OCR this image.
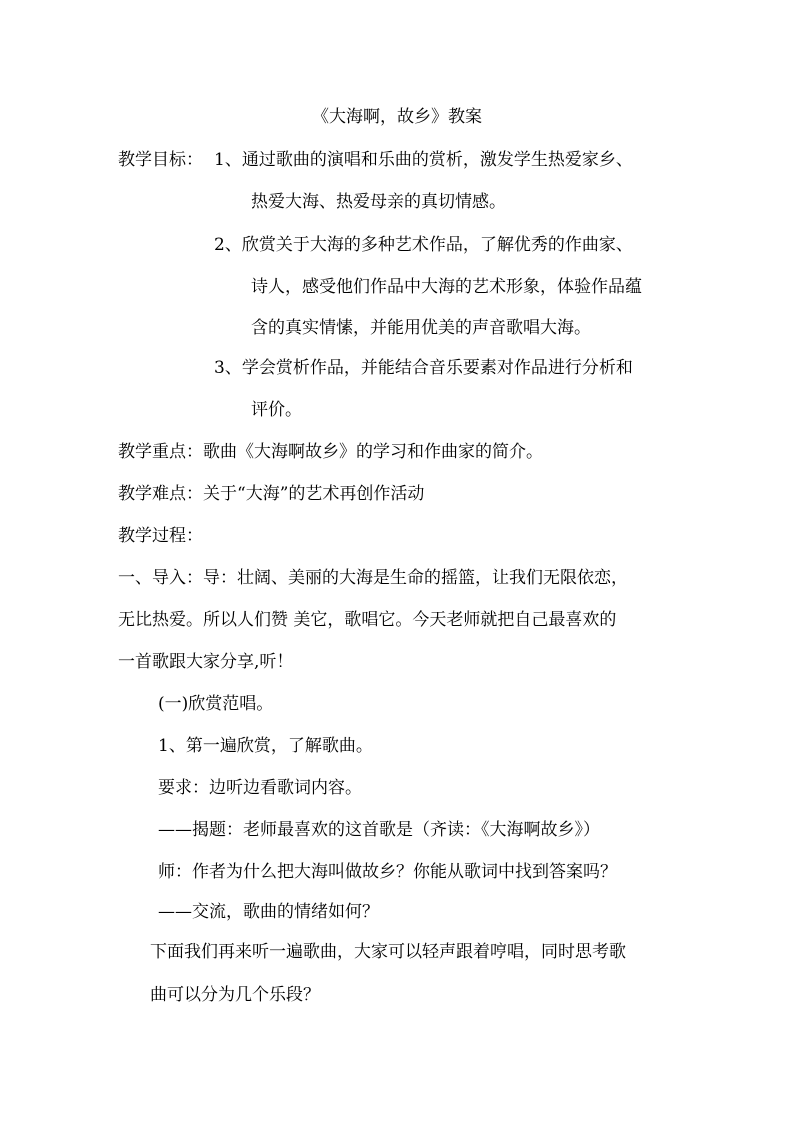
《大海啊，故乡》教案

教学目标： 1、通过歌曲的演唱和乐曲的赏析，激发学生热爱家乡、

热爱大海、热爱母亲的真切情感。

2、欣赏关于大海的多种艺术作品，了解优秀的作曲家、

诗人，感受他们作品中大海的艺术形象，体验作品蕴

含的真实情愫，并能用优美的声音歌唱大海。

3、学会赏析作品，并能结合音乐要素对作品进行分析和

评价。

教学重点：歌曲《大海啊故乡》的学习和作曲家的简介。

教学难点：关于“大海”的艺术再创作活动

教学过程：

一、导入：导：壮阔、美丽的大海是生命的摇篮，让我们无限依恋，

无比热爱。所以人们赞 美它，歌唱它。今天老师就把自己最喜欢的

一首歌跟大家分享,听！

(一)欣赏范唱。

1、第一遍欣赏，了解歌曲。

要求：边听边看歌词内容。

——揭题：老师最喜欢的这首歌是（齐读：《大海啊故乡》）

师：作者为什么把大海叫做故乡？你能从歌词中找到答案吗？

——交流，歌曲的情绪如何？

下面我们再来听一遍歌曲，大家可以轻声跟着哼唱，同时思考歌

曲可以分为几个乐段？
